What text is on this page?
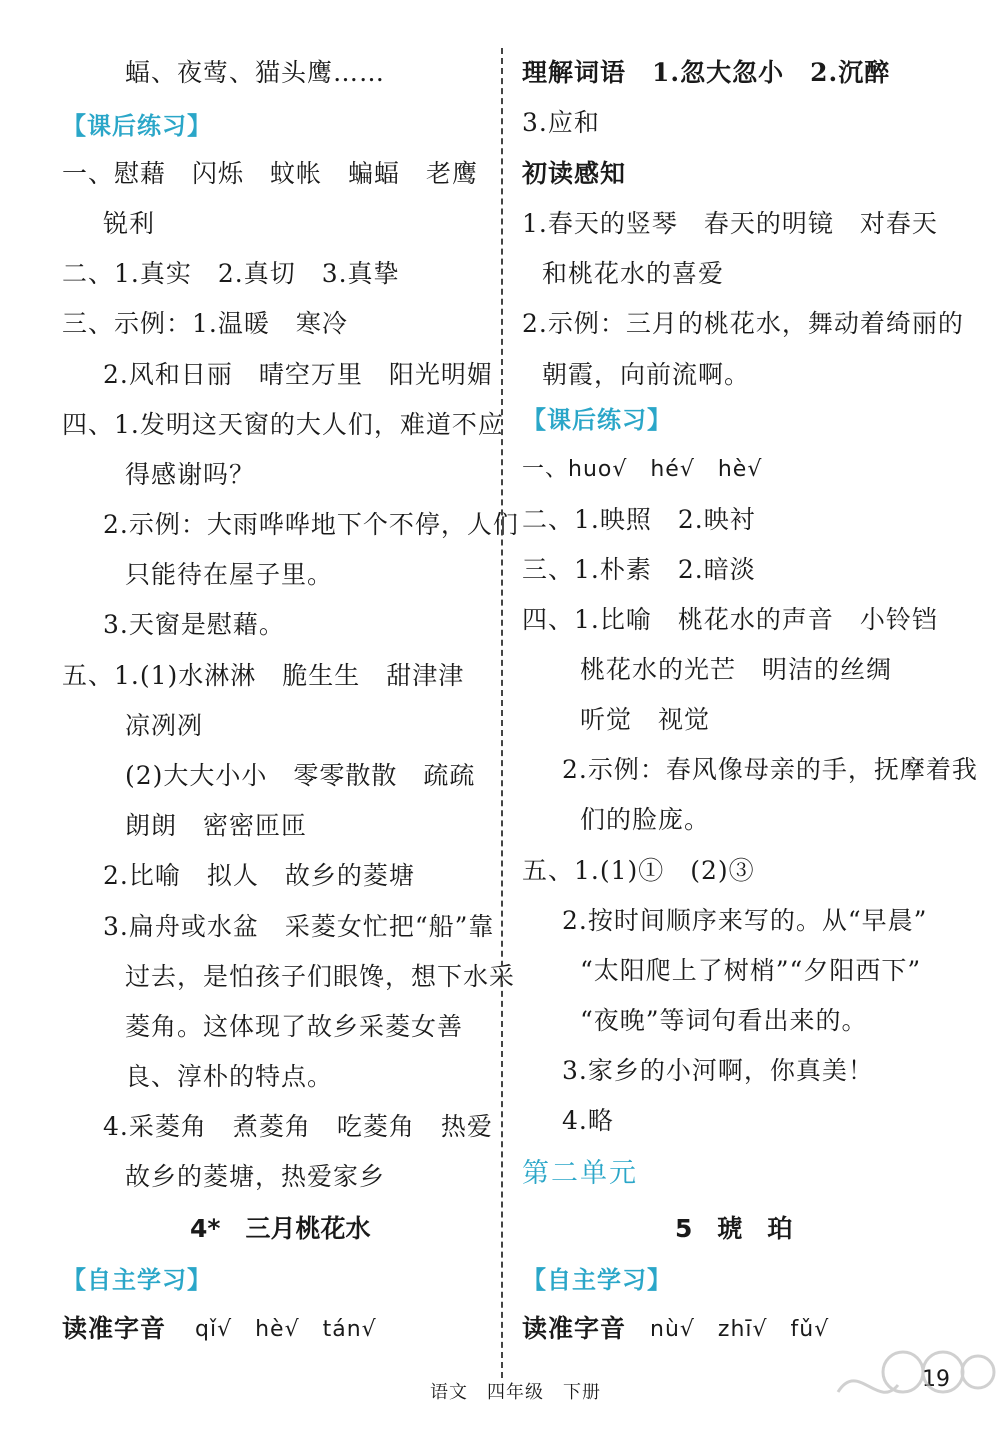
蝠、夜莺、猫头鹰……
【课后练习】
一、慰藉　闪烁　蚊帐　蝙蝠　老鹰
锐利
二、1.真实　2.真切　3.真挚
三、示例：1.温暖　寒冷
2.风和日丽　晴空万里　阳光明媚
四、1.发明这天窗的大人们，难道不应
得感谢吗？
2.示例：大雨哗哗地下个不停，人们
只能待在屋子里。
3.天窗是慰藉。
五、1.(1)水淋淋　脆生生　甜津津
凉冽冽
(2)大大小小　零零散散　疏疏
朗朗　密密匝匝
2.比喻　拟人　故乡的菱塘
3.扁舟或水盆　采菱女忙把“船”靠
过去，是怕孩子们眼馋，想下水采
菱角。这体现了故乡采菱女善
良、淳朴的特点。
4.采菱角　煮菱角　吃菱角　热爱
故乡的菱塘，热爱家乡
4*　三月桃花水
【自主学习】
读准字音 qǐ√　hè√　tán√
理解词语　1.忽大忽小　2.沉醉
3.应和
初读感知
1.春天的竖琴　春天的明镜　对春天
和桃花水的喜爱
2.示例：三月的桃花水，舞动着绮丽的
朝霞，向前流啊。
【课后练习】
一、huo√　hé√　hè√
二、1.映照　2.映衬
三、1.朴素　2.暗淡
四、1.比喻　桃花水的声音　小铃铛
桃花水的光芒　明洁的丝绸
听觉　视觉
2.示例：春风像母亲的手，抚摩着我
们的脸庞。
五、1.(1)①　(2)③
2.按时间顺序来写的。从“早晨”
“太阳爬上了树梢”“夕阳西下”
“夜晚”等词句看出来的。
3.家乡的小河啊，你真美！
4.略
第二单元
5　琥　珀
【自主学习】
读准字音 nù√　zhī√　fǔ√
语文　四年级　下册
19
